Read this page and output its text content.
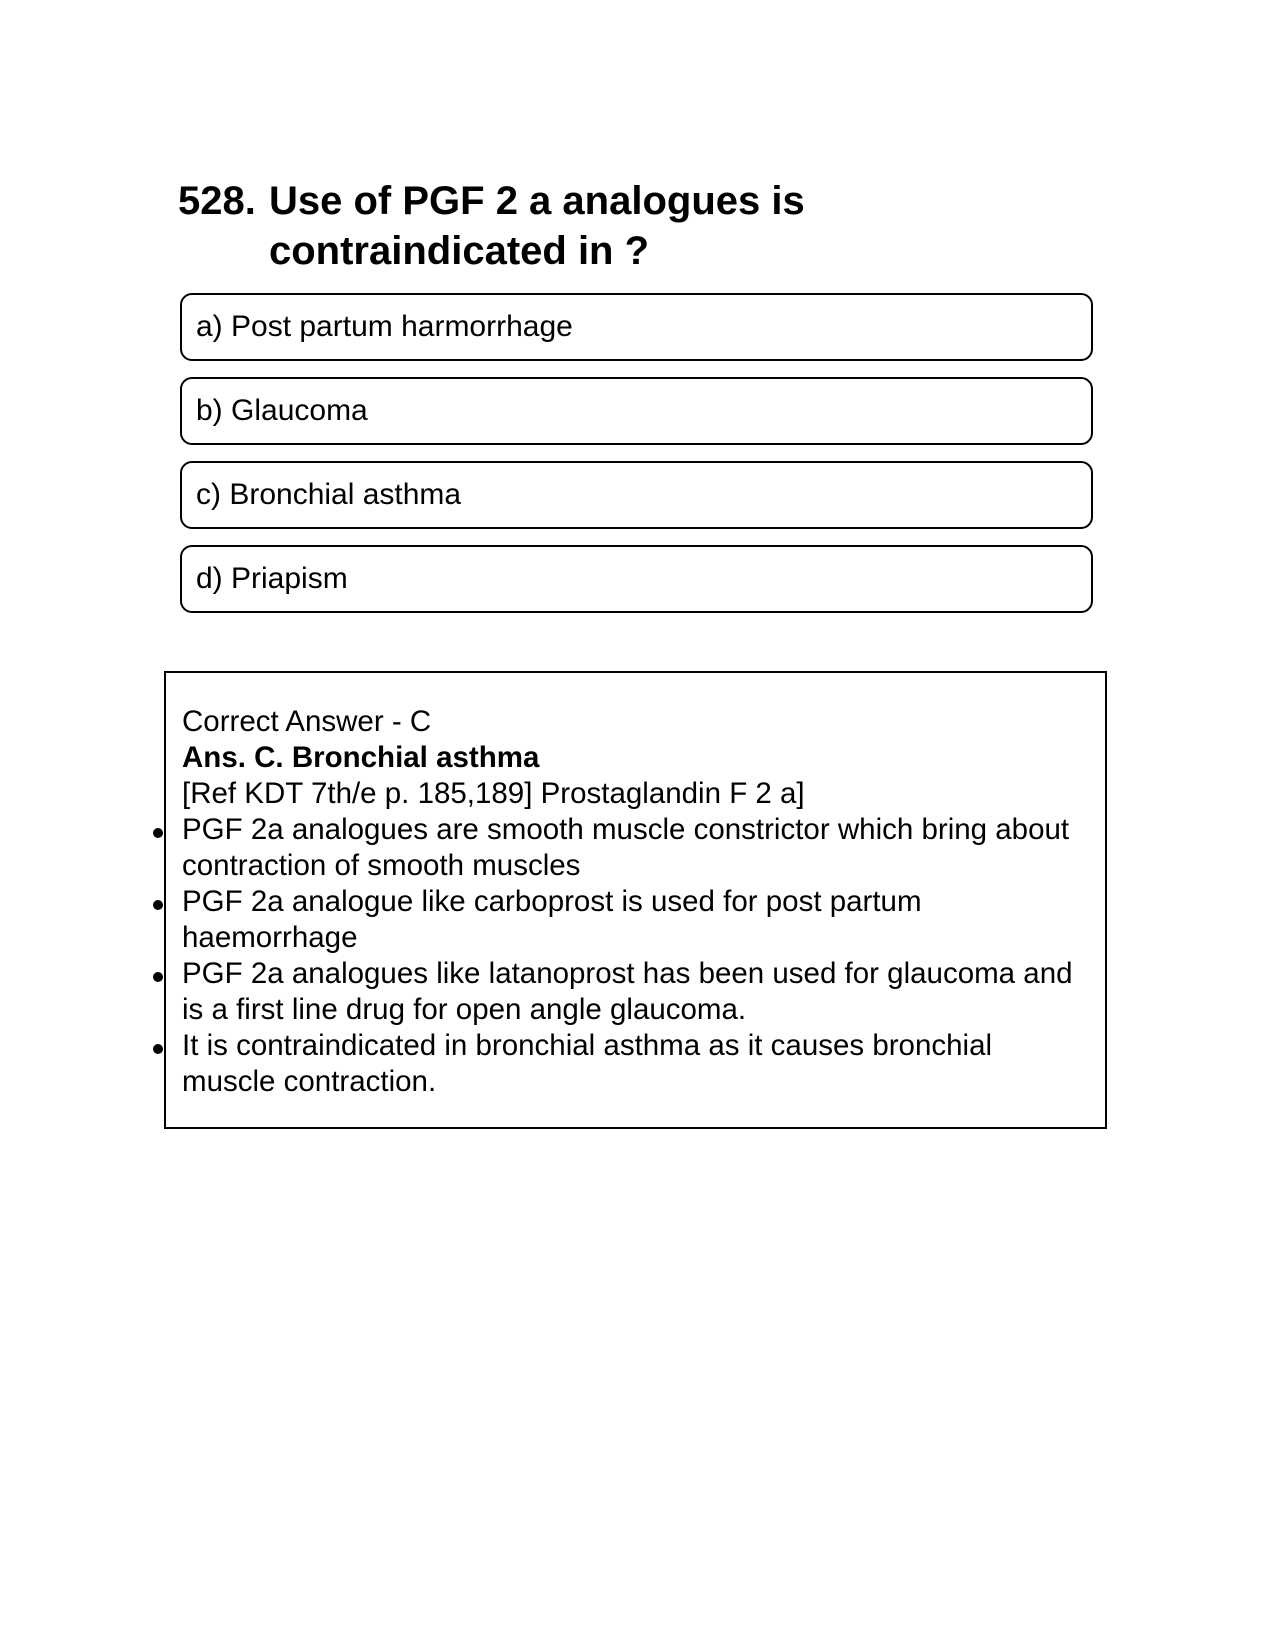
528. Use of PGF 2 a analogues is contraindicated in ?
a) Post partum harmorrhage
b) Glaucoma
c) Bronchial asthma
d) Priapism
Correct Answer - C
Ans. C. Bronchial asthma
[Ref KDT 7th/e p. 185,189] Prostaglandin F 2 a]
PGF 2a analogues are smooth muscle constrictor which bring about contraction of smooth muscles
PGF 2a analogue like carboprost is used for post partum haemorrhage
PGF 2a analogues like latanoprost has been used for glaucoma and is a first line drug for open angle glaucoma.
It is contraindicated in bronchial asthma as it causes bronchial muscle contraction.
